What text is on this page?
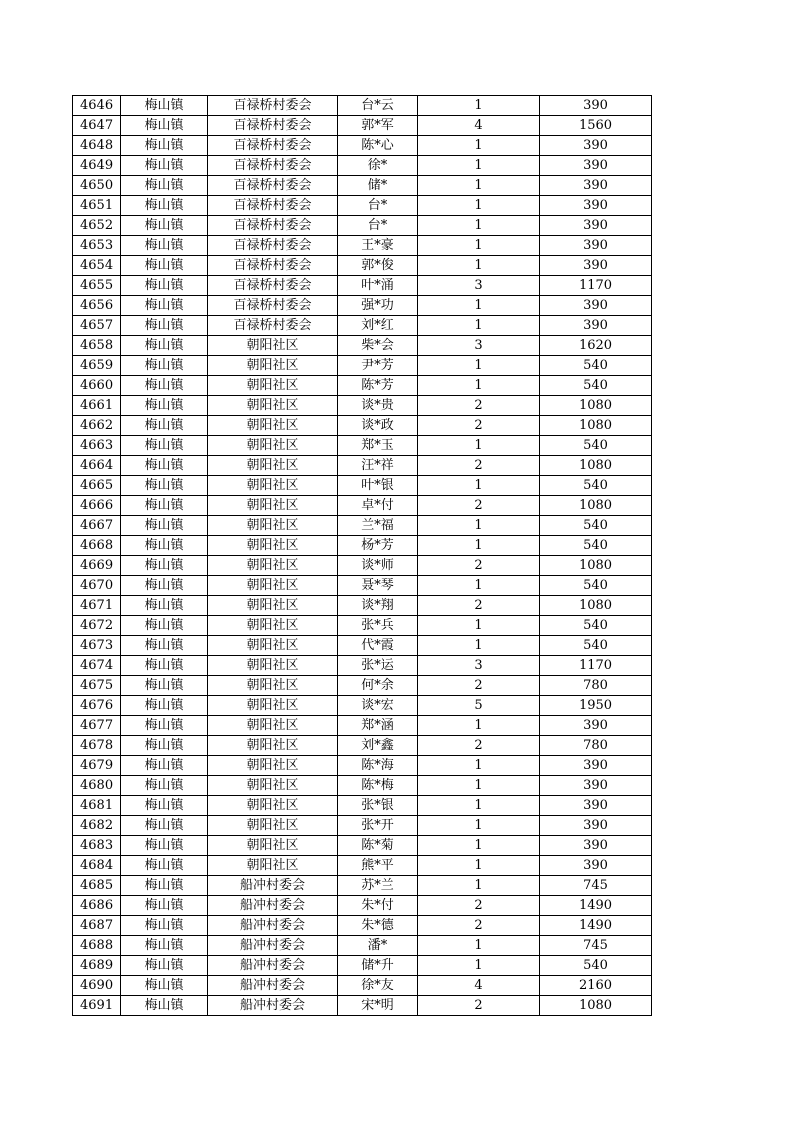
4646	梅山镇	百禄桥村委会	台*云	1	390
4647	梅山镇	百禄桥村委会	郭*军	4	1560
4648	梅山镇	百禄桥村委会	陈*心	1	390
4649	梅山镇	百禄桥村委会	徐*	1	390
4650	梅山镇	百禄桥村委会	储*	1	390
4651	梅山镇	百禄桥村委会	台*	1	390
4652	梅山镇	百禄桥村委会	台*	1	390
4653	梅山镇	百禄桥村委会	王*豪	1	390
4654	梅山镇	百禄桥村委会	郭*俊	1	390
4655	梅山镇	百禄桥村委会	叶*涌	3	1170
4656	梅山镇	百禄桥村委会	强*功	1	390
4657	梅山镇	百禄桥村委会	刘*红	1	390
4658	梅山镇	朝阳社区	柴*会	3	1620
4659	梅山镇	朝阳社区	尹*芳	1	540
4660	梅山镇	朝阳社区	陈*芳	1	540
4661	梅山镇	朝阳社区	谈*贵	2	1080
4662	梅山镇	朝阳社区	谈*政	2	1080
4663	梅山镇	朝阳社区	郑*玉	1	540
4664	梅山镇	朝阳社区	汪*祥	2	1080
4665	梅山镇	朝阳社区	叶*银	1	540
4666	梅山镇	朝阳社区	卓*付	2	1080
4667	梅山镇	朝阳社区	兰*福	1	540
4668	梅山镇	朝阳社区	杨*芳	1	540
4669	梅山镇	朝阳社区	谈*师	2	1080
4670	梅山镇	朝阳社区	聂*琴	1	540
4671	梅山镇	朝阳社区	谈*翔	2	1080
4672	梅山镇	朝阳社区	张*兵	1	540
4673	梅山镇	朝阳社区	代*霞	1	540
4674	梅山镇	朝阳社区	张*运	3	1170
4675	梅山镇	朝阳社区	何*余	2	780
4676	梅山镇	朝阳社区	谈*宏	5	1950
4677	梅山镇	朝阳社区	郑*涵	1	390
4678	梅山镇	朝阳社区	刘*鑫	2	780
4679	梅山镇	朝阳社区	陈*海	1	390
4680	梅山镇	朝阳社区	陈*梅	1	390
4681	梅山镇	朝阳社区	张*银	1	390
4682	梅山镇	朝阳社区	张*开	1	390
4683	梅山镇	朝阳社区	陈*菊	1	390
4684	梅山镇	朝阳社区	熊*平	1	390
4685	梅山镇	船冲村委会	苏*兰	1	745
4686	梅山镇	船冲村委会	朱*付	2	1490
4687	梅山镇	船冲村委会	朱*德	2	1490
4688	梅山镇	船冲村委会	潘*	1	745
4689	梅山镇	船冲村委会	储*升	1	540
4690	梅山镇	船冲村委会	徐*友	4	2160
4691	梅山镇	船冲村委会	宋*明	2	1080
